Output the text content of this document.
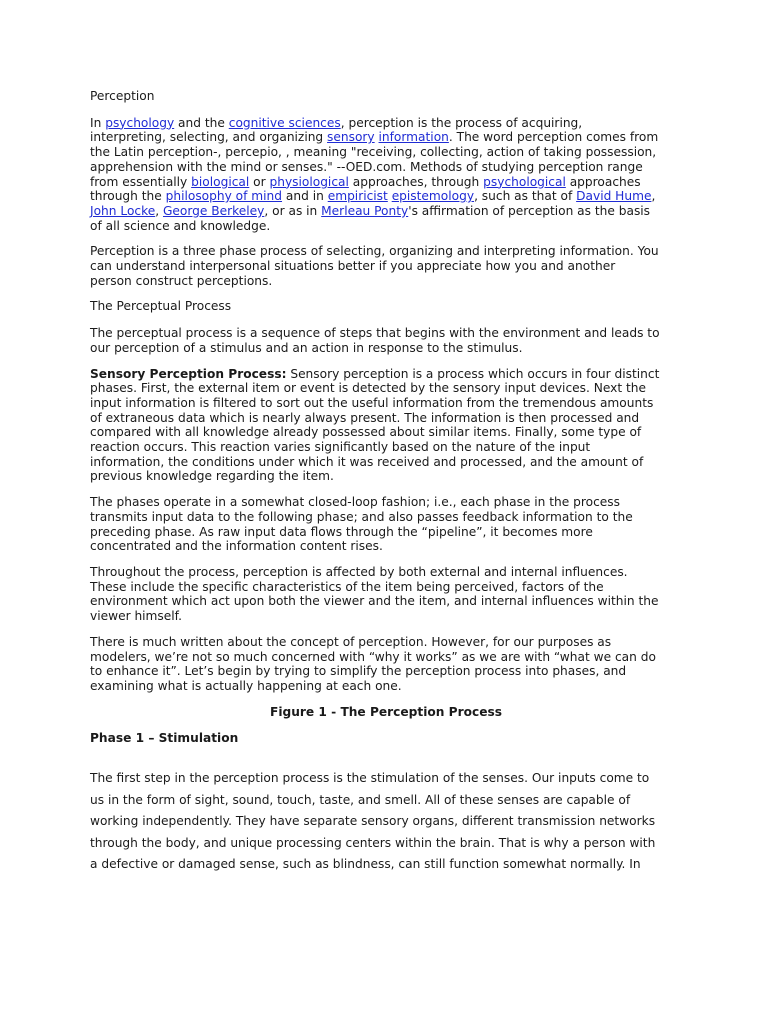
Perception

In psychology and the cognitive sciences, perception is the process of acquiring,
interpreting, selecting, and organizing sensory information. The word perception comes from
the Latin perception-, percepio, , meaning "receiving, collecting, action of taking possession,
apprehension with the mind or senses." --OED.com. Methods of studying perception range
from essentially biological or physiological approaches, through psychological approaches
through the philosophy of mind and in empiricist epistemology, such as that of David Hume,
John Locke, George Berkeley, or as in Merleau Ponty's affirmation of perception as the basis
of all science and knowledge.

Perception is a three phase process of selecting, organizing and interpreting information. You
can understand interpersonal situations better if you appreciate how you and another
person construct perceptions.

The Perceptual Process

The perceptual process is a sequence of steps that begins with the environment and leads to
our perception of a stimulus and an action in response to the stimulus.

Sensory Perception Process: Sensory perception is a process which occurs in four distinct
phases. First, the external item or event is detected by the sensory input devices. Next the
input information is filtered to sort out the useful information from the tremendous amounts
of extraneous data which is nearly always present. The information is then processed and
compared with all knowledge already possessed about similar items. Finally, some type of
reaction occurs. This reaction varies significantly based on the nature of the input
information, the conditions under which it was received and processed, and the amount of
previous knowledge regarding the item.

The phases operate in a somewhat closed-loop fashion; i.e., each phase in the process
transmits input data to the following phase; and also passes feedback information to the
preceding phase. As raw input data flows through the “pipeline”, it becomes more
concentrated and the information content rises.

Throughout the process, perception is affected by both external and internal influences.
These include the specific characteristics of the item being perceived, factors of the
environment which act upon both the viewer and the item, and internal influences within the
viewer himself.

There is much written about the concept of perception. However, for our purposes as
modelers, we’re not so much concerned with “why it works” as we are with “what we can do
to enhance it”. Let’s begin by trying to simplify the perception process into phases, and
examining what is actually happening at each one.

Figure 1 - The Perception Process

Phase 1 – Stimulation

The first step in the perception process is the stimulation of the senses. Our inputs come to
us in the form of sight, sound, touch, taste, and smell. All of these senses are capable of
working independently. They have separate sensory organs, different transmission networks
through the body, and unique processing centers within the brain. That is why a person with
a defective or damaged sense, such as blindness, can still function somewhat normally. In
